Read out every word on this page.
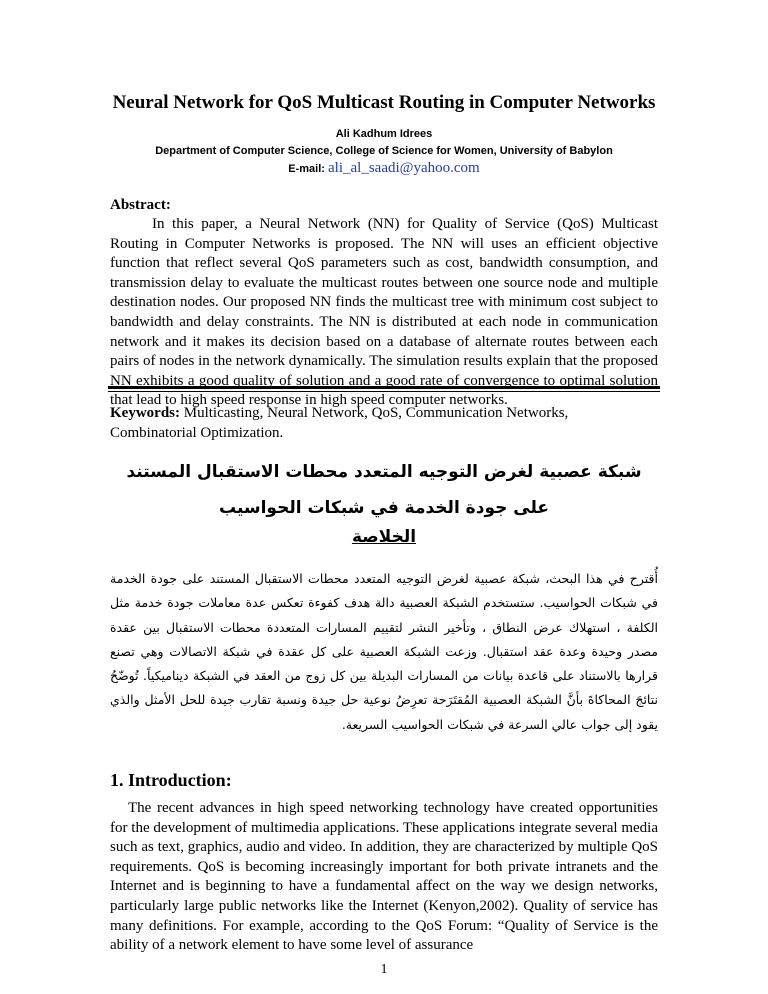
Neural Network for QoS Multicast Routing in Computer Networks
Ali Kadhum Idrees
Department of Computer Science, College of Science for Women, University of Babylon
E-mail: ali_al_saadi@yahoo.com
Abstract:

In this paper, a Neural Network (NN) for Quality of Service (QoS) Multicast Routing in Computer Networks is proposed. The NN will uses an efficient objective function that reflect several QoS parameters such as cost, bandwidth consumption, and transmission delay to evaluate the multicast routes between one source node and multiple destination nodes. Our proposed NN finds the multicast tree with minimum cost subject to bandwidth and delay constraints. The NN is distributed at each node in communication network and it makes its decision based on a database of alternate routes between each pairs of nodes in the network dynamically. The simulation results explain that the proposed NN exhibits a good quality of solution and a good rate of convergence to optimal solution that lead to high speed response in high speed computer networks.

Keywords: Multicasting, Neural Network, QoS, Communication Networks, Combinatorial Optimization.

شبكة عصبية لغرض التوجيه المتعدد محطات الاستقبال المستند على جودة الخدمة في شبكات الحواسيب

الخلاصة

أُقترح في هذا البحث، شبكة عصبية لغرض التوجيه المتعدد محطات الاستقبال المستند على جودة الخدمة في شبكات الحواسيب. ستستخدم الشبكة العصبية دالة هدف كفوءة تعكس عدة معاملات جودة خدمة مثل الكلفة ، استهلاك عرض النطاق ، وتأخير النشر لتقييم المسارات المتعددة محطات الاستقبال بين عقدة مصدر وحيدة وعدة عقد استقبال. وزعت الشبكة العصبية على كل عقدة في شبكة الاتصالات وهي تصنع قرارها بالاستناد على قاعدة بيانات من المسارات البديلة بين كل زوج من العقد في الشبكة ديناميكياً. تُوضّحُ نتائجَ المحاكاةَ بأنَّ الشبكة العصبية المُقتَرَحة تعرِضُ نوعية حل جيدة ونسبة تقارب جيدة للحل الأمثل والذي يقود إلى جواب عالي السرعة في شبكات الحواسيب السريعة.

1. Introduction:

The recent advances in high speed networking technology have created opportunities for the development of multimedia applications. These applications integrate several media such as text, graphics, audio and video. In addition, they are characterized by multiple QoS requirements. QoS is becoming increasingly important for both private intranets and the Internet and is beginning to have a fundamental affect on the way we design networks, particularly large public networks like the Internet (Kenyon,2002). Quality of service has many definitions. For example, according to the QoS Forum: “Quality of Service is the ability of a network element to have some level of assurance

1
